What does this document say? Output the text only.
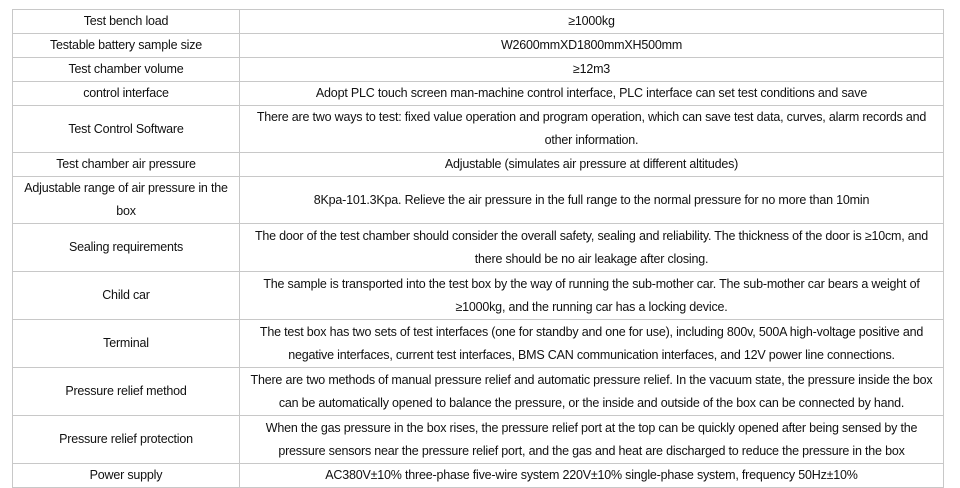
Test bench load	≥1000kg
Testable battery sample size	W2600mmXD1800mmXH500mm
Test chamber volume	≥12m3
control interface	Adopt PLC touch screen man-machine control interface, PLC interface can set test conditions and save
Test Control Software	There are two ways to test: fixed value operation and program operation, which can save test data, curves, alarm records and other information.
Test chamber air pressure	Adjustable (simulates air pressure at different altitudes)
Adjustable range of air pressure in the box	8Kpa-101.3Kpa. Relieve the air pressure in the full range to the normal pressure for no more than 10min
Sealing requirements	The door of the test chamber should consider the overall safety, sealing and reliability. The thickness of the door is ≥10cm, and there should be no air leakage after closing.
Child car	The sample is transported into the test box by the way of running the sub-mother car. The sub-mother car bears a weight of ≥1000kg, and the running car has a locking device.
Terminal	The test box has two sets of test interfaces (one for standby and one for use), including 800v, 500A high-voltage positive and negative interfaces, current test interfaces, BMS CAN communication interfaces, and 12V power line connections.
Pressure relief method	There are two methods of manual pressure relief and automatic pressure relief. In the vacuum state, the pressure inside the box can be automatically opened to balance the pressure, or the inside and outside of the box can be connected by hand.
Pressure relief protection	When the gas pressure in the box rises, the pressure relief port at the top can be quickly opened after being sensed by the pressure sensors near the pressure relief port, and the gas and heat are discharged to reduce the pressure in the box
Power supply	AC380V±10% three-phase five-wire system 220V±10% single-phase system, frequency 50Hz±10%
